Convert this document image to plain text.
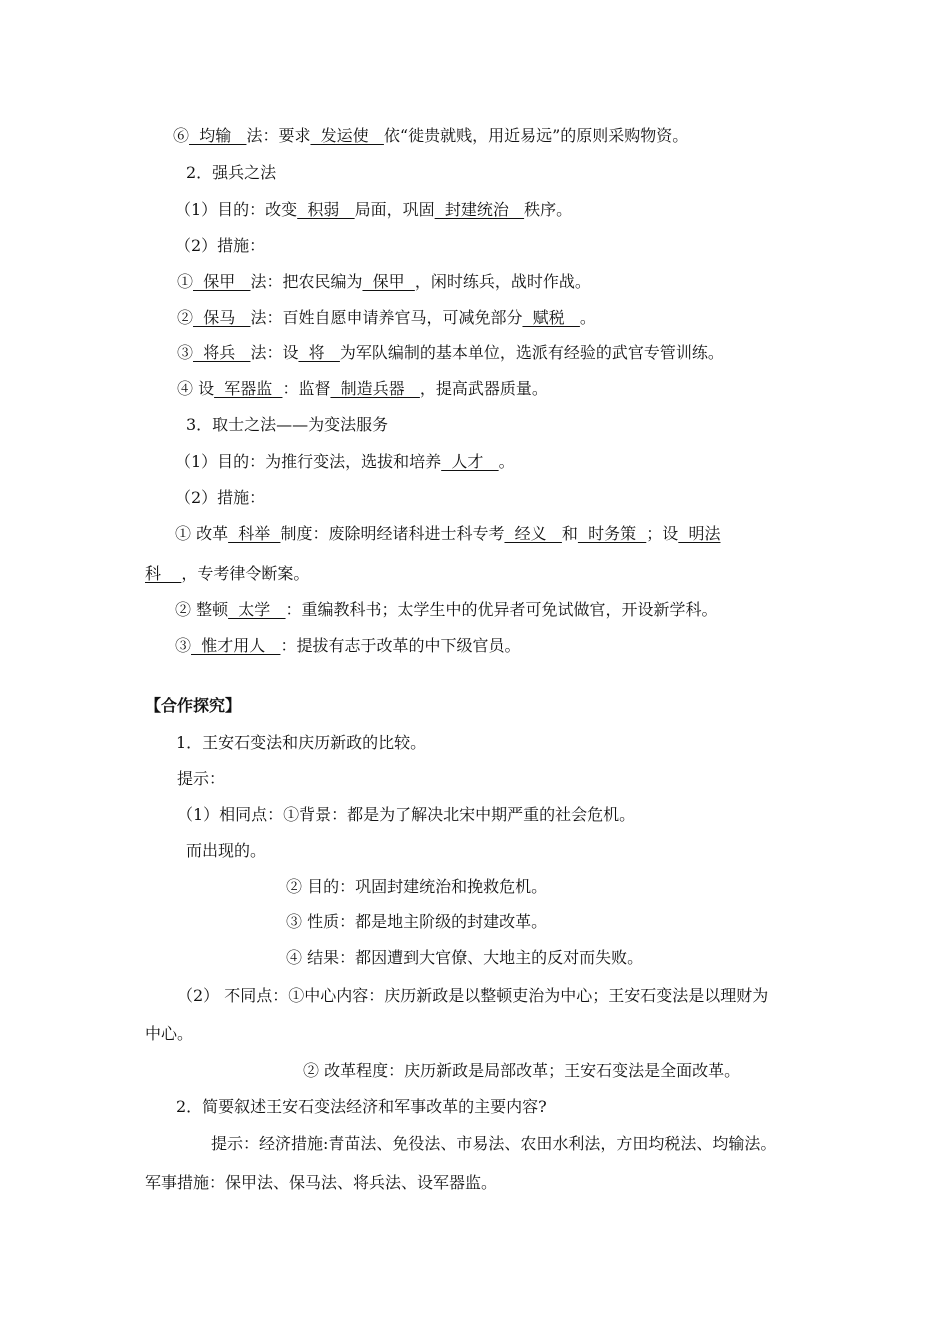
⑥  均输   法：要求  发运使   依“徙贵就贱，用近易远”的原则采购物资。
2．强兵之法
（1）目的：改变  积弱   局面，巩固  封建统治   秩序。
（2）措施：
①  保甲   法：把农民编为  保甲  ，闲时练兵，战时作战。
②  保马   法：百姓自愿申请养官马，可减免部分  赋税   。
③  将兵   法：设  将   为军队编制的基本单位，选派有经验的武官专管训练。
④ 设  军器监  ：监督  制造兵器   ，提高武器质量。
3．取士之法——为变法服务
（1）目的：为推行变法，选拔和培养  人才   。
（2）措施：
① 改革  科举  制度：废除明经诸科进士科专考  经义   和  时务策  ；设  明法
科    ，专考律令断案。
② 整顿  太学   ：重编教科书；太学生中的优异者可免试做官，开设新学科。
③  惟才用人   ：提拔有志于改革的中下级官员。
【合作探究】
1．王安石变法和庆历新政的比较。
提示：
（1）相同点：①背景：都是为了解决北宋中期严重的社会危机。
而出现的。
② 目的：巩固封建统治和挽救危机。
③ 性质：都是地主阶级的封建改革。
④ 结果：都因遭到大官僚、大地主的反对而失败。
（2） 不同点：①中心内容：庆历新政是以整顿吏治为中心；王安石变法是以理财为
中心。
② 改革程度：庆历新政是局部改革；王安石变法是全面改革。
2．简要叙述王安石变法经济和军事改革的主要内容?
提示：经济措施:青苗法、免役法、市易法、农田水利法，方田均税法、均输法。
军事措施：保甲法、保马法、将兵法、设军器监。
